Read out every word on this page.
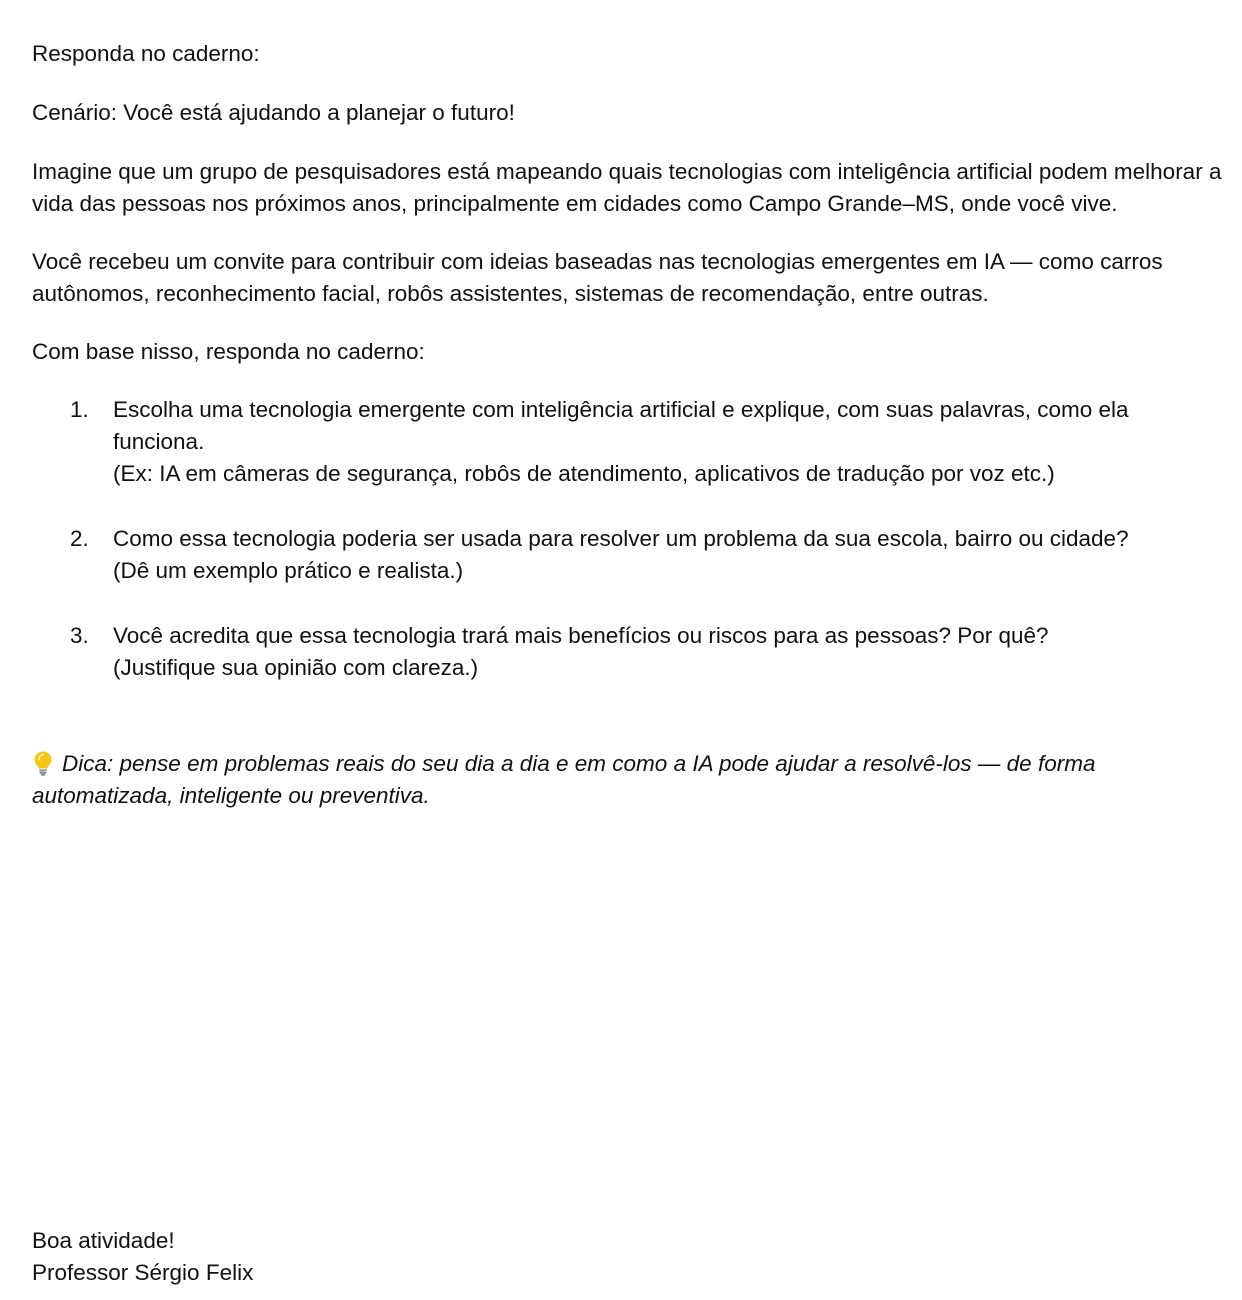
Responda no caderno:

Cenário: Você está ajudando a planejar o futuro!

Imagine que um grupo de pesquisadores está mapeando quais tecnologias com inteligência artificial podem melhorar a vida das pessoas nos próximos anos, principalmente em cidades como Campo Grande–MS, onde você vive.

Você recebeu um convite para contribuir com ideias baseadas nas tecnologias emergentes em IA — como carros autônomos, reconhecimento facial, robôs assistentes, sistemas de recomendação, entre outras.

Com base nisso, responda no caderno:

1. Escolha uma tecnologia emergente com inteligência artificial e explique, com suas palavras, como ela funciona.

(Ex: IA em câmeras de segurança, robôs de atendimento, aplicativos de tradução por voz etc.)

2. Como essa tecnologia poderia ser usada para resolver um problema da sua escola, bairro ou cidade?

(Dê um exemplo prático e realista.)

3. Você acredita que essa tecnologia trará mais benefícios ou riscos para as pessoas? Por quê?

(Justifique sua opinião com clareza.)

Dica: pense em problemas reais do seu dia a dia e em como a IA pode ajudar a resolvê-los — de forma automatizada, inteligente ou preventiva.

Boa atividade!

Professor Sérgio Felix
